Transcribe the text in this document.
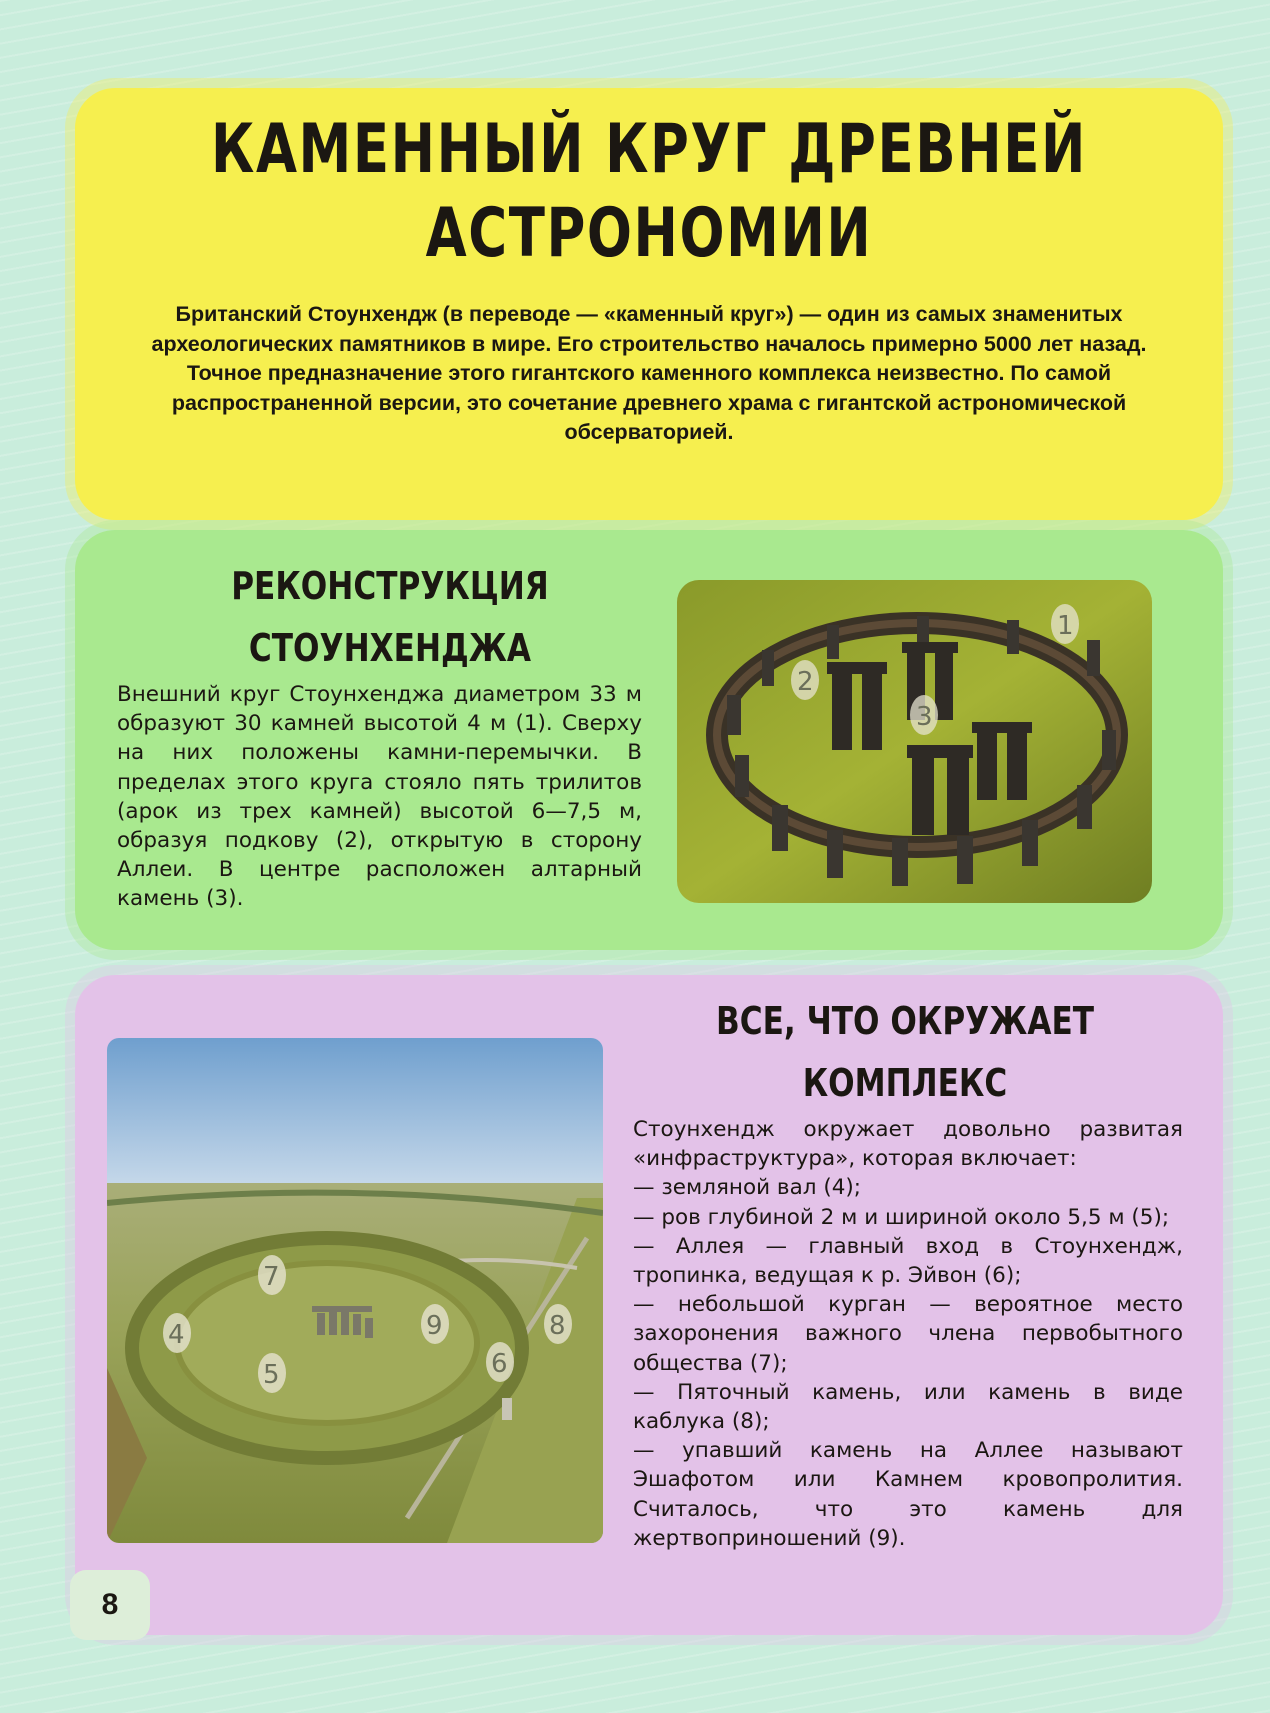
КАМЕННЫЙ КРУГ ДРЕВНЕЙ
АСТРОНОМИИ

Британский Стоунхендж (в переводе — «каменный круг») — один из самых знаменитых археологических памятников в мире. Его строительство началось примерно 5000 лет назад. Точное предназначение этого гигантского каменного комплекса неизвестно. По самой распространенной версии, это сочетание древнего храма с гигантской астрономической обсерваторией.

РЕКОНСТРУКЦИЯ
СТОУНХЕНДЖА

Внешний круг Стоунхенджа диаметром 33 м образуют 30 камней высотой 4 м (1). Сверху на них положены камни-перемычки. В пределах этого круга стояло пять трилитов (арок из трех камней) высотой 6—7,5 м, образуя подкову (2), открытую в сторону Аллеи. В центре расположен алтарный камень (3).

1
2
3
ВСЕ, ЧТО ОКРУЖАЕТ
КОМПЛЕКС

Стоунхендж окружает довольно развитая «инфраструктура», которая включает:
— земляной вал (4);
— ров глубиной 2 м и шириной около 5,5 м (5);
— Аллея — главный вход в Стоунхендж, тропинка, ведущая к р. Эйвон (6);
— небольшой курган — вероятное место захоронения важного члена первобытного общества (7);
— Пяточный камень, или камень в виде каблука (8);
— упавший камень на Аллее называют Эшафотом или Камнем кровопролития. Считалось, что это камень для жертвоприношений (9).

4
5	6
7
8
9
8
